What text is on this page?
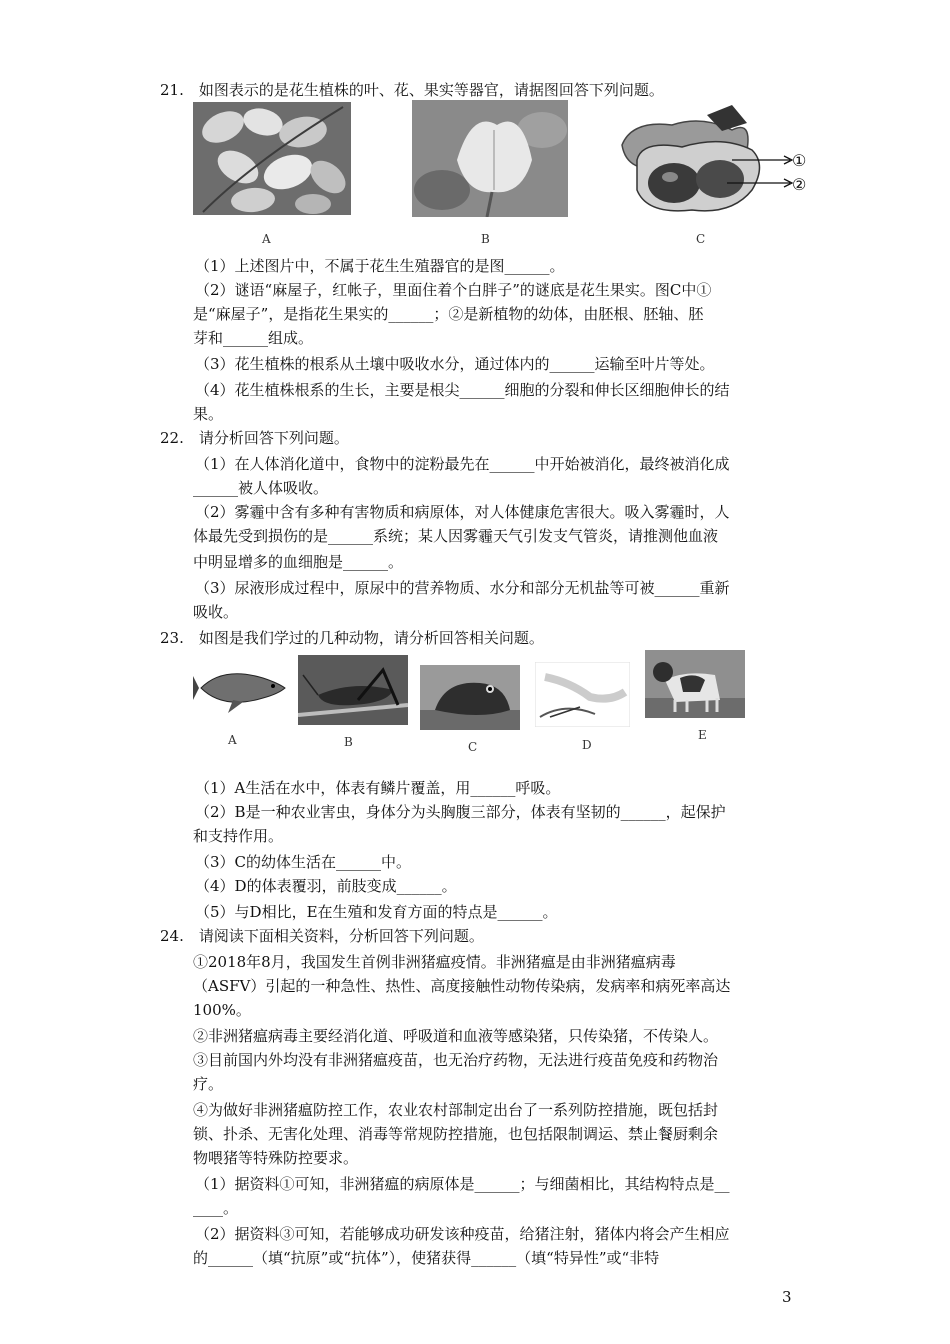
21.　如图表示的是花生植株的叶、花、果实等器官，请据图回答下列问题。
A	B
①
②
C
（1）上述图片中，不属于花生生殖器官的是图______。
（2）谜语“麻屋子，红帐子，里面住着个白胖子”的谜底是花生果实。图C中①
是“麻屋子”，是指花生果实的______；②是新植物的幼体，由胚根、胚轴、胚
芽和______组成。
（3）花生植株的根系从土壤中吸收水分，通过体内的______运输至叶片等处。
（4）花生植株根系的生长，主要是根尖______细胞的分裂和伸长区细胞伸长的结
果。
22.　请分析回答下列问题。
（1）在人体消化道中，食物中的淀粉最先在______中开始被消化，最终被消化成
______被人体吸收。
（2）雾霾中含有多种有害物质和病原体，对人体健康危害很大。吸入雾霾时，人
体最先受到损伤的是______系统；某人因雾霾天气引发支气管炎，请推测他血液
中明显增多的血细胞是______。
（3）尿液形成过程中，原尿中的营养物质、水分和部分无机盐等可被______重新
吸收。
23.　如图是我们学过的几种动物，请分析回答相关问题。
A	B	C	D
E
（1）A生活在水中，体表有鳞片覆盖，用______呼吸。
（2）B是一种农业害虫，身体分为头胸腹三部分，体表有坚韧的______，起保护
和支持作用。
（3）C的幼体生活在______中。
（4）D的体表覆羽，前肢变成______。
（5）与D相比，E在生殖和发育方面的特点是______。
24.　请阅读下面相关资料，分析回答下列问题。
①2018年8月，我国发生首例非洲猪瘟疫情。非洲猪瘟是由非洲猪瘟病毒
（ASFV）引起的一种急性、热性、高度接触性动物传染病，发病率和病死率高达
100%。
②非洲猪瘟病毒主要经消化道、呼吸道和血液等感染猪，只传染猪，不传染人。
③目前国内外均没有非洲猪瘟疫苗，也无治疗药物，无法进行疫苗免疫和药物治
疗。
④为做好非洲猪瘟防控工作，农业农村部制定出台了一系列防控措施，既包括封
锁、扑杀、无害化处理、消毒等常规防控措施，也包括限制调运、禁止餐厨剩余
物喂猪等特殊防控要求。
（1）据资料①可知，非洲猪瘟的病原体是______；与细菌相比，其结构特点是__
____。
（2）据资料③可知，若能够成功研发该种疫苗，给猪注射，猪体内将会产生相应
的______（填“抗原”或“抗体”），使猪获得______（填“特异性”或“非特
3
